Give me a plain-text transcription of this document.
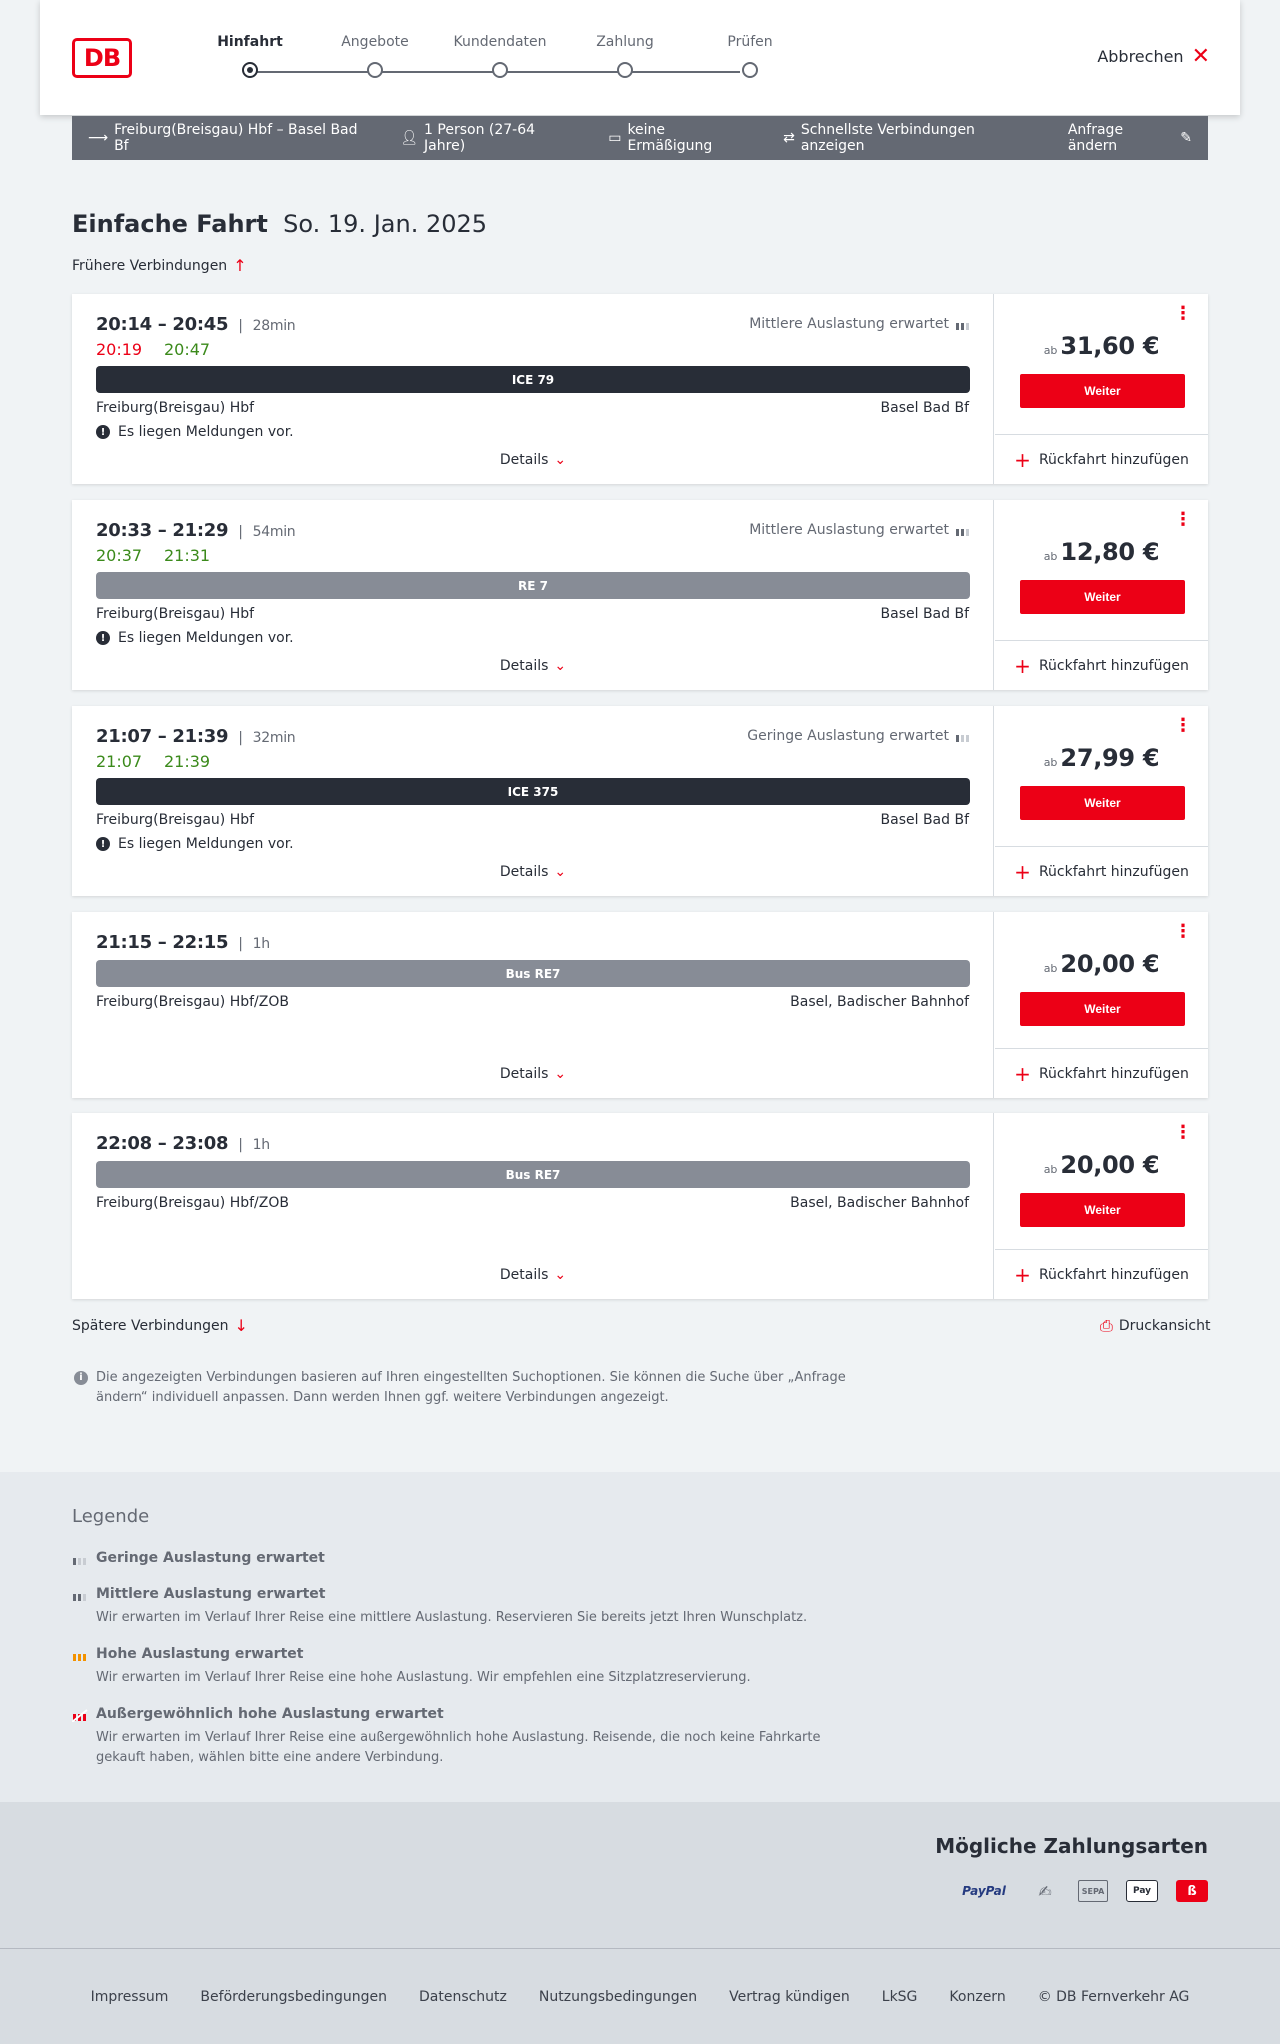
DB
Hinfahrt	Angebote	Kundendaten	Zahlung	Prüfen
Abbrechen ✕
⟶ Freiburg(Breisgau) Hbf – Basel Bad Bf	👤︎ 1 Person (27-64 Jahre)	▭ keine Ermäßigung	⇄ Schnellste Verbindungen anzeigen
Anfrage ändern	✎
Einfache Fahrt So. 19. Jan. 2025
Frühere Verbindungen ↑
20:14 – 20:45 | 28min
20:19 20:47
Mittlere Auslastung erwartet
ICE 79
Freiburg(Breisgau) Hbf	Basel Bad Bf
! Es liegen Meldungen vor.
Details ⌄
⋮
ab 31,60 €
Weiter
+ Rückfahrt hinzufügen
20:33 – 21:29 | 54min
20:37 21:31
Mittlere Auslastung erwartet
RE 7
Freiburg(Breisgau) Hbf	Basel Bad Bf
! Es liegen Meldungen vor.
Details ⌄
⋮
ab 12,80 €
Weiter
+ Rückfahrt hinzufügen
21:07 – 21:39 | 32min
21:07 21:39
Geringe Auslastung erwartet
ICE 375
Freiburg(Breisgau) Hbf	Basel Bad Bf
! Es liegen Meldungen vor.
Details ⌄
⋮
ab 27,99 €
Weiter
+ Rückfahrt hinzufügen
21:15 – 22:15 | 1h
Bus RE7
Freiburg(Breisgau) Hbf/ZOB	Basel, Badischer Bahnhof
Details ⌄
⋮
ab 20,00 €
Weiter
+ Rückfahrt hinzufügen
22:08 – 23:08 | 1h
Bus RE7
Freiburg(Breisgau) Hbf/ZOB	Basel, Badischer Bahnhof
Details ⌄
⋮
ab 20,00 €
Weiter
+ Rückfahrt hinzufügen
Spätere Verbindungen ↓	⎙ Druckansicht
i	Die angezeigten Verbindungen basieren auf Ihren eingestellten Suchoptionen. Sie können die Suche über „Anfrage ändern“ individuell anpassen. Dann werden Ihnen ggf. weitere Verbindungen angezeigt.
Legende
Geringe Auslastung erwartet
Mittlere Auslastung erwartet
Wir erwarten im Verlauf Ihrer Reise eine mittlere Auslastung. Reservieren Sie bereits jetzt Ihren Wunschplatz.
Hohe Auslastung erwartet
Wir erwarten im Verlauf Ihrer Reise eine hohe Auslastung. Wir empfehlen eine Sitzplatzreservierung.
Außergewöhnlich hohe Auslastung erwartet
Wir erwarten im Verlauf Ihrer Reise eine außergewöhnlich hohe Auslastung. Reisende, die noch keine Fahrkarte gekauft haben, wählen bitte eine andere Verbindung.
Mögliche Zahlungsarten
PayPal	✍︎	SEPA	Pay	ß
Impressum Beförderungsbedingungen Datenschutz Nutzungsbedingungen Vertrag kündigen LkSG Konzern © DB Fernverkehr AG
